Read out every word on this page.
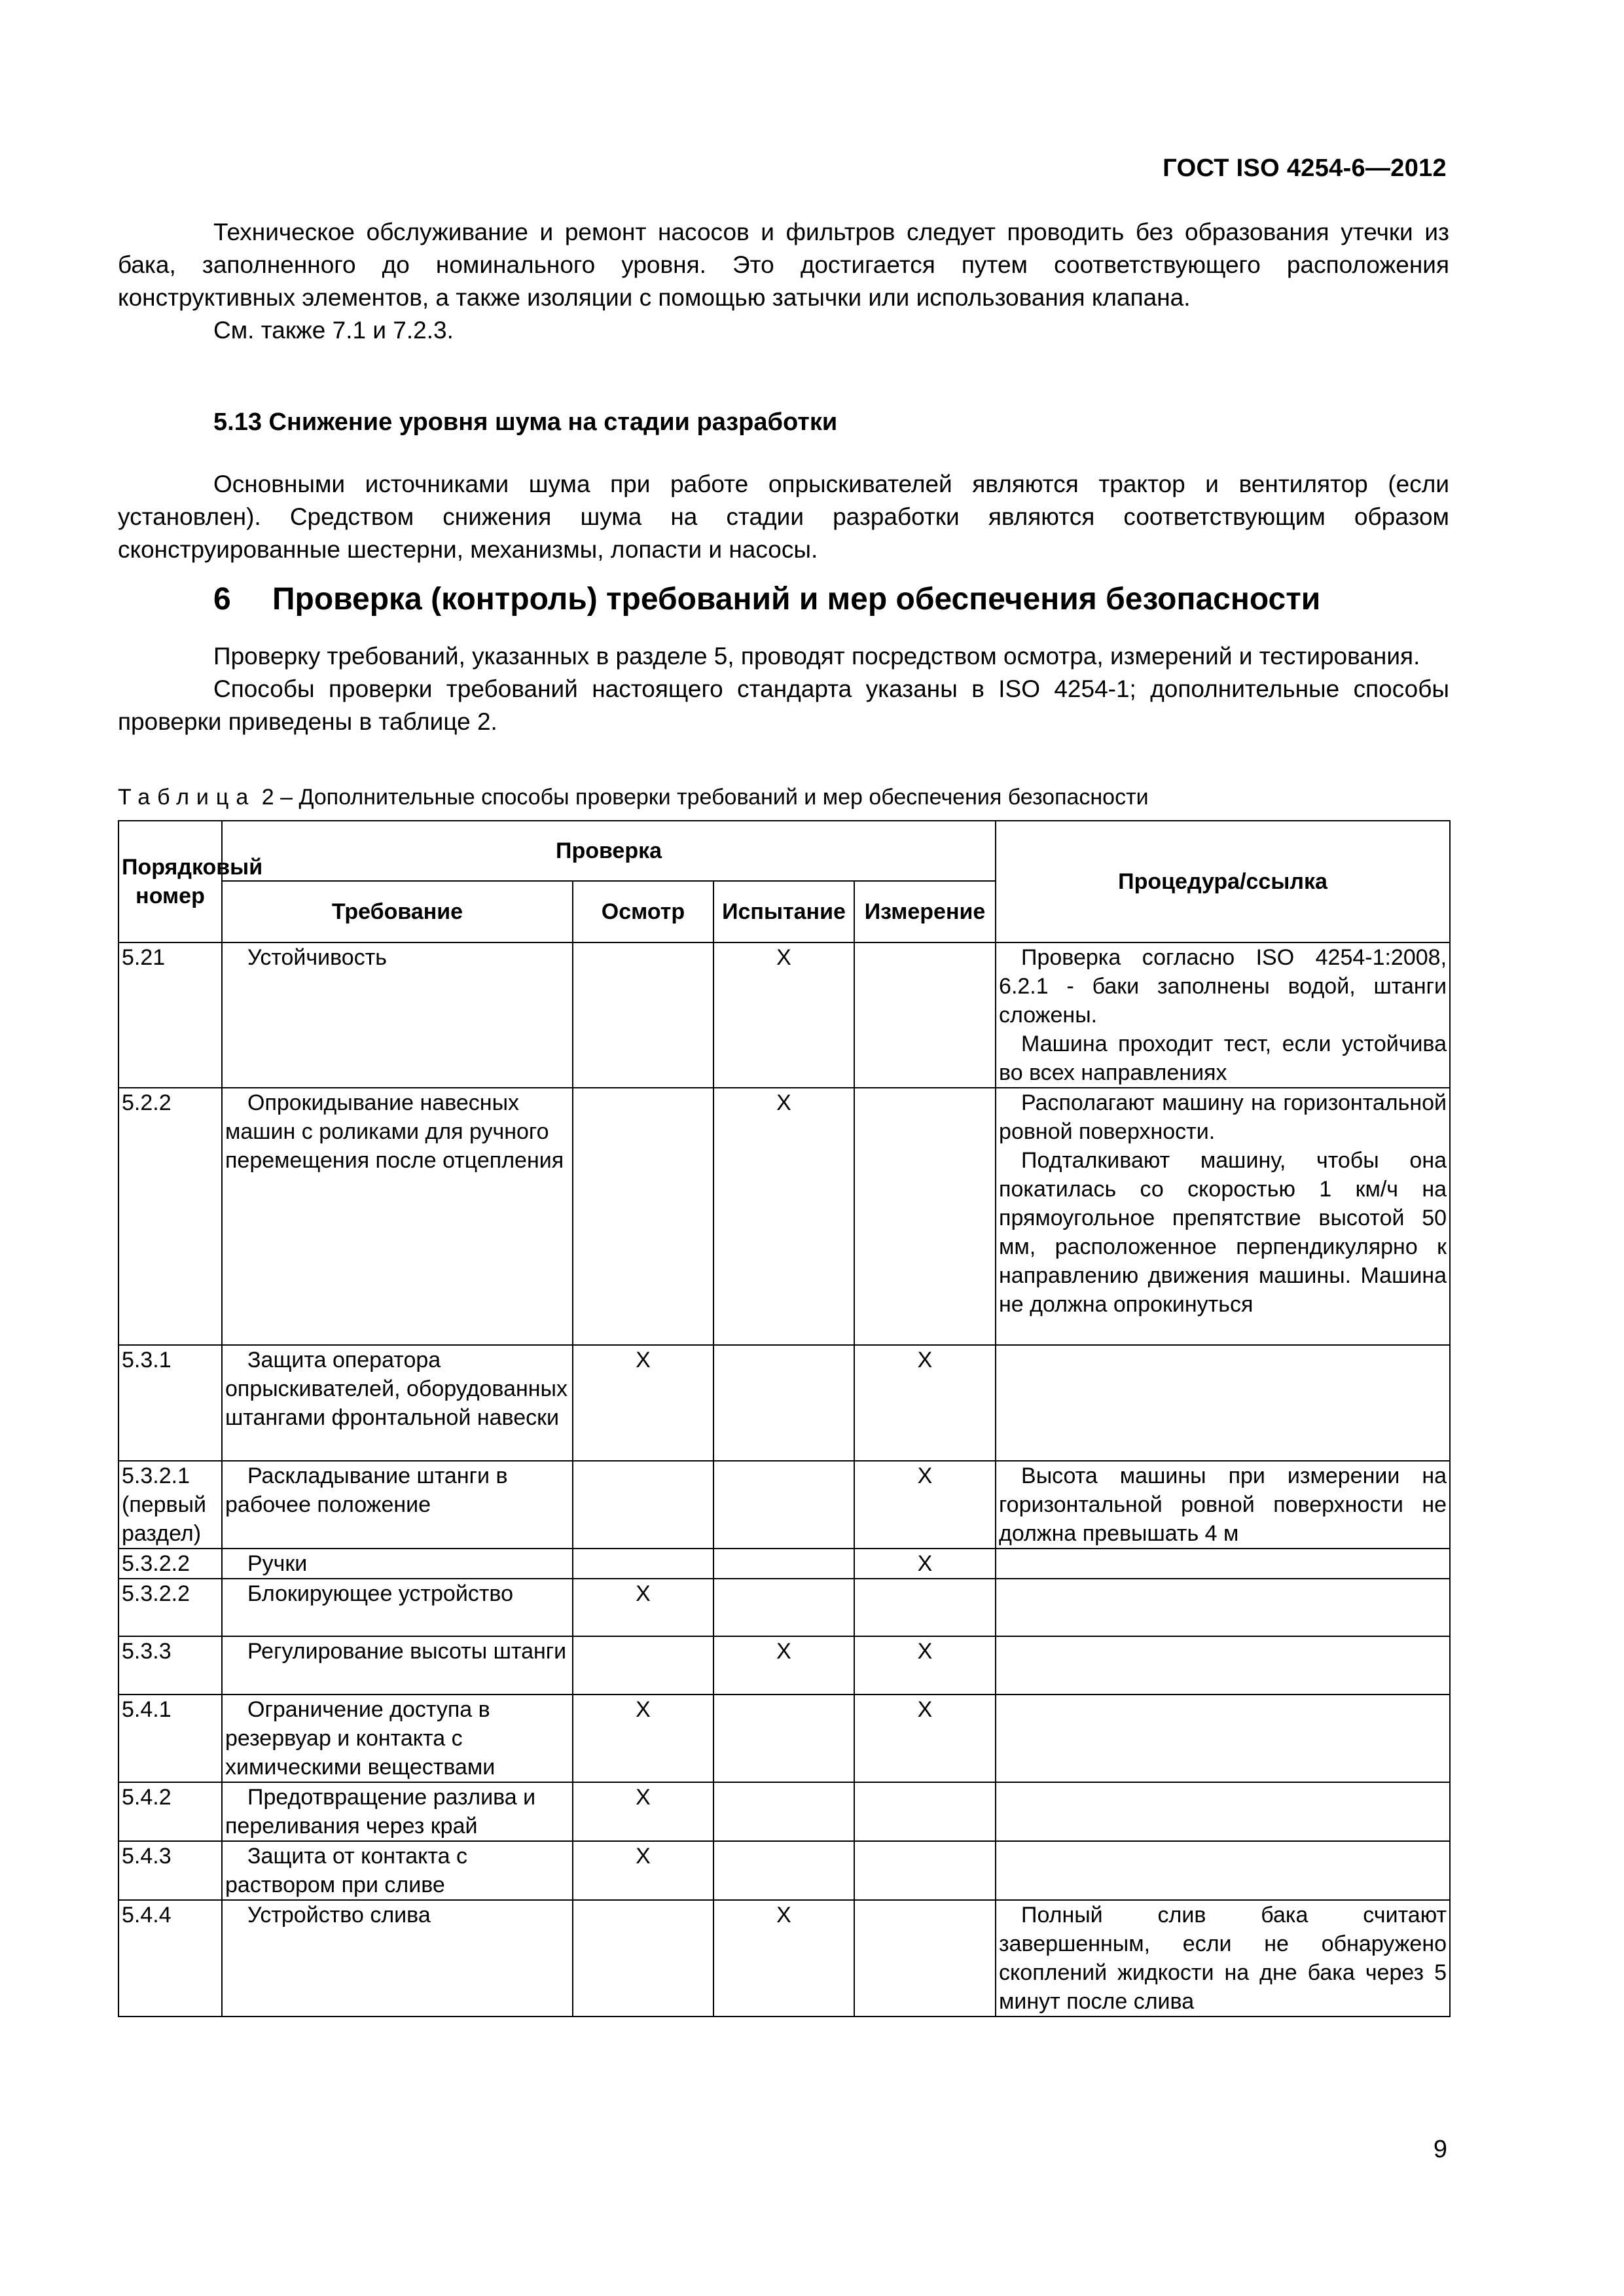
ГОСТ ISO 4254-6—2012

Техническое обслуживание и ремонт насосов и фильтров следует проводить без образования утечки из бака, заполненного до номинального уровня. Это достигается путем соответствующего расположения конструктивных элементов, а также изоляции с помощью затычки или использования клапана.

См. также 7.1 и 7.2.3.

5.13 Снижение уровня шума на стадии разработки

Основными источниками шума при работе опрыскивателей являются трактор и вентилятор (если установлен). Средством снижения шума на стадии разработки являются соответствующим образом сконструированные шестерни, механизмы, лопасти и насосы.

6 Проверка (контроль) требований и мер обеспечения безопасности

Проверку требований, указанных в разделе 5, проводят посредством осмотра, измерений и тестирования.

Способы проверки требований настоящего стандарта указаны в ISO 4254-1; дополнительные способы проверки приведены в таблице 2.

Таблица 2 – Дополнительные способы проверки требований и мер обеспечения безопасности
Порядковый номер	Проверка				Процедура/ссылка
	Требование	Осмотр	Испытание	Измерение	
5.21	Устойчивость		X		Проверка согласно ISO 4254-1:2008, 6.2.1 - баки заполнены водой, штанги сложены.

Машина проходит тест, если устойчива во всех направлениях

5.2.2	Опрокидывание навесных машин с роликами для ручного перемещения после отцепления		X		Располагают машину на горизонтальной ровной поверхности.

Подталкивают машину, чтобы она покатилась со скоростью 1 км/ч на прямоугольное препятствие высотой 50 мм, расположенное перпендикулярно к направлению движения машины. Машина не должна опрокинуться

5.3.1	Защита оператора опрыскивателей, оборудованных штангами фронтальной навески	X		X	
5.3.2.1 (первый раздел)	Раскладывание штанги в рабочее положение			X	Высота машины при измерении на горизонтальной ровной поверхности не должна превышать 4 м

5.3.2.2	Ручки			X	
5.3.2.2	Блокирующее устройство	X			
5.3.3	Регулирование высоты штанги		X	X	
5.4.1	Ограничение доступа в резервуар и контакта с химическими веществами	X		X	
5.4.2	Предотвращение разлива и переливания через край	X			
5.4.3	Защита от контакта с раствором при сливе	X			
5.4.4	Устройство слива		X		Полный слив бака считают завершенным, если не обнаружено скоплений жидкости на дне бака через 5 минут после слива

9
